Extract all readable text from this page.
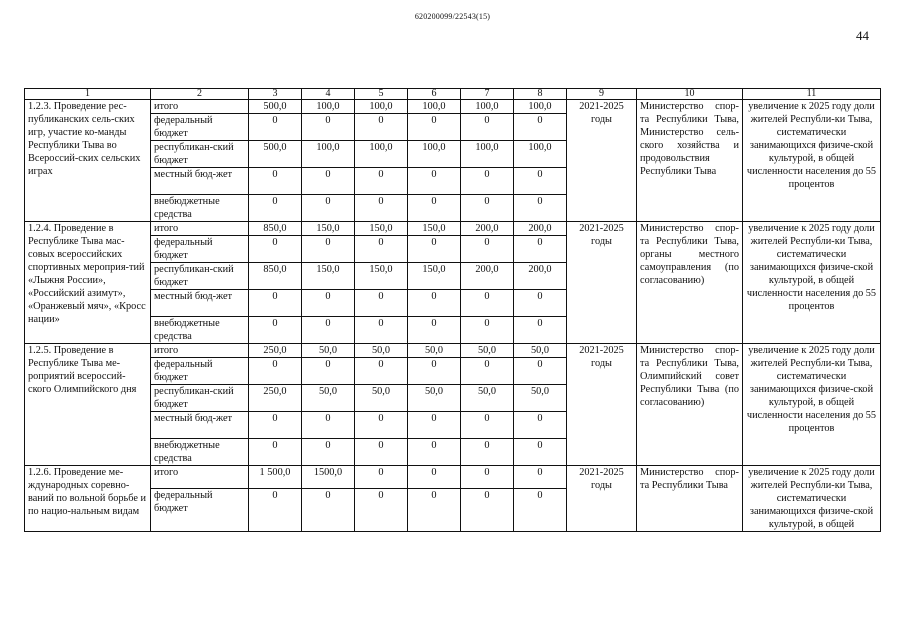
620200099/22543(15)
44
1	2	3	4	5	6	7	8	9	10	11
1.2.3. Проведение рес-публиканских сель-ских игр, участие ко-манды Республики Тыва во Всероссий-ских сельских играх	итого	500,0	100,0	100,0	100,0	100,0	100,0	2021-2025 годы	Министерство спор-та Республики Тыва, Министерство сель-ского хозяйства и продовольствия Республики Тыва	увеличение к 2025 году доли жителей Республи-ки Тыва, систематически занимающихся физиче-ской культурой, в общей численности населения до 55 процентов
	федеральный бюджет	0	0	0	0	0	0			
	республикан-ский бюджет	500,0	100,0	100,0	100,0	100,0	100,0			
	местный бюд-жет	0	0	0	0	0	0			
	внебюджетные средства	0	0	0	0	0	0			
1.2.4. Проведение в Республике Тыва мас-совых всероссийских спортивных мероприя-тий «Лыжня России», «Российский азимут», «Оранжевый мяч», «Кросс нации»	итого	850,0	150,0	150,0	150,0	200,0	200,0	2021-2025 годы	Министерство спор-та Республики Тыва, органы местного самоуправления (по согласованию)	увеличение к 2025 году доли жителей Республи-ки Тыва, систематически занимающихся физиче-ской культурой, в общей численности населения до 55 процентов
	федеральный бюджет	0	0	0	0	0	0			
	республикан-ский бюджет	850,0	150,0	150,0	150,0	200,0	200,0			
	местный бюд-жет	0	0	0	0	0	0			
	внебюджетные средства	0	0	0	0	0	0			
1.2.5. Проведение в Республике Тыва ме-роприятий всероссий-ского Олимпийского дня	итого	250,0	50,0	50,0	50,0	50,0	50,0	2021-2025 годы	Министерство спор-та Республики Тыва, Олимпийский совет Республики Тыва (по согласованию)	увеличение к 2025 году доли жителей Республи-ки Тыва, систематически занимающихся физиче-ской культурой, в общей численности населения до 55 процентов
	федеральный бюджет	0	0	0	0	0	0			
	республикан-ский бюджет	250,0	50,0	50,0	50,0	50,0	50,0			
	местный бюд-жет	0	0	0	0	0	0			
	внебюджетные средства	0	0	0	0	0	0			
1.2.6. Проведение ме-ждународных соревно-ваний по вольной борьбе и по нацио-нальным видам	итого	1 500,0	1500,0	0	0	0	0	2021-2025 годы	Министерство спор-та Республики Тыва	увеличение к 2025 году доли жителей Республи-ки Тыва, систематически занимающихся физиче-ской культурой, в общей
	федеральный бюджет	0	0	0	0	0	0			
